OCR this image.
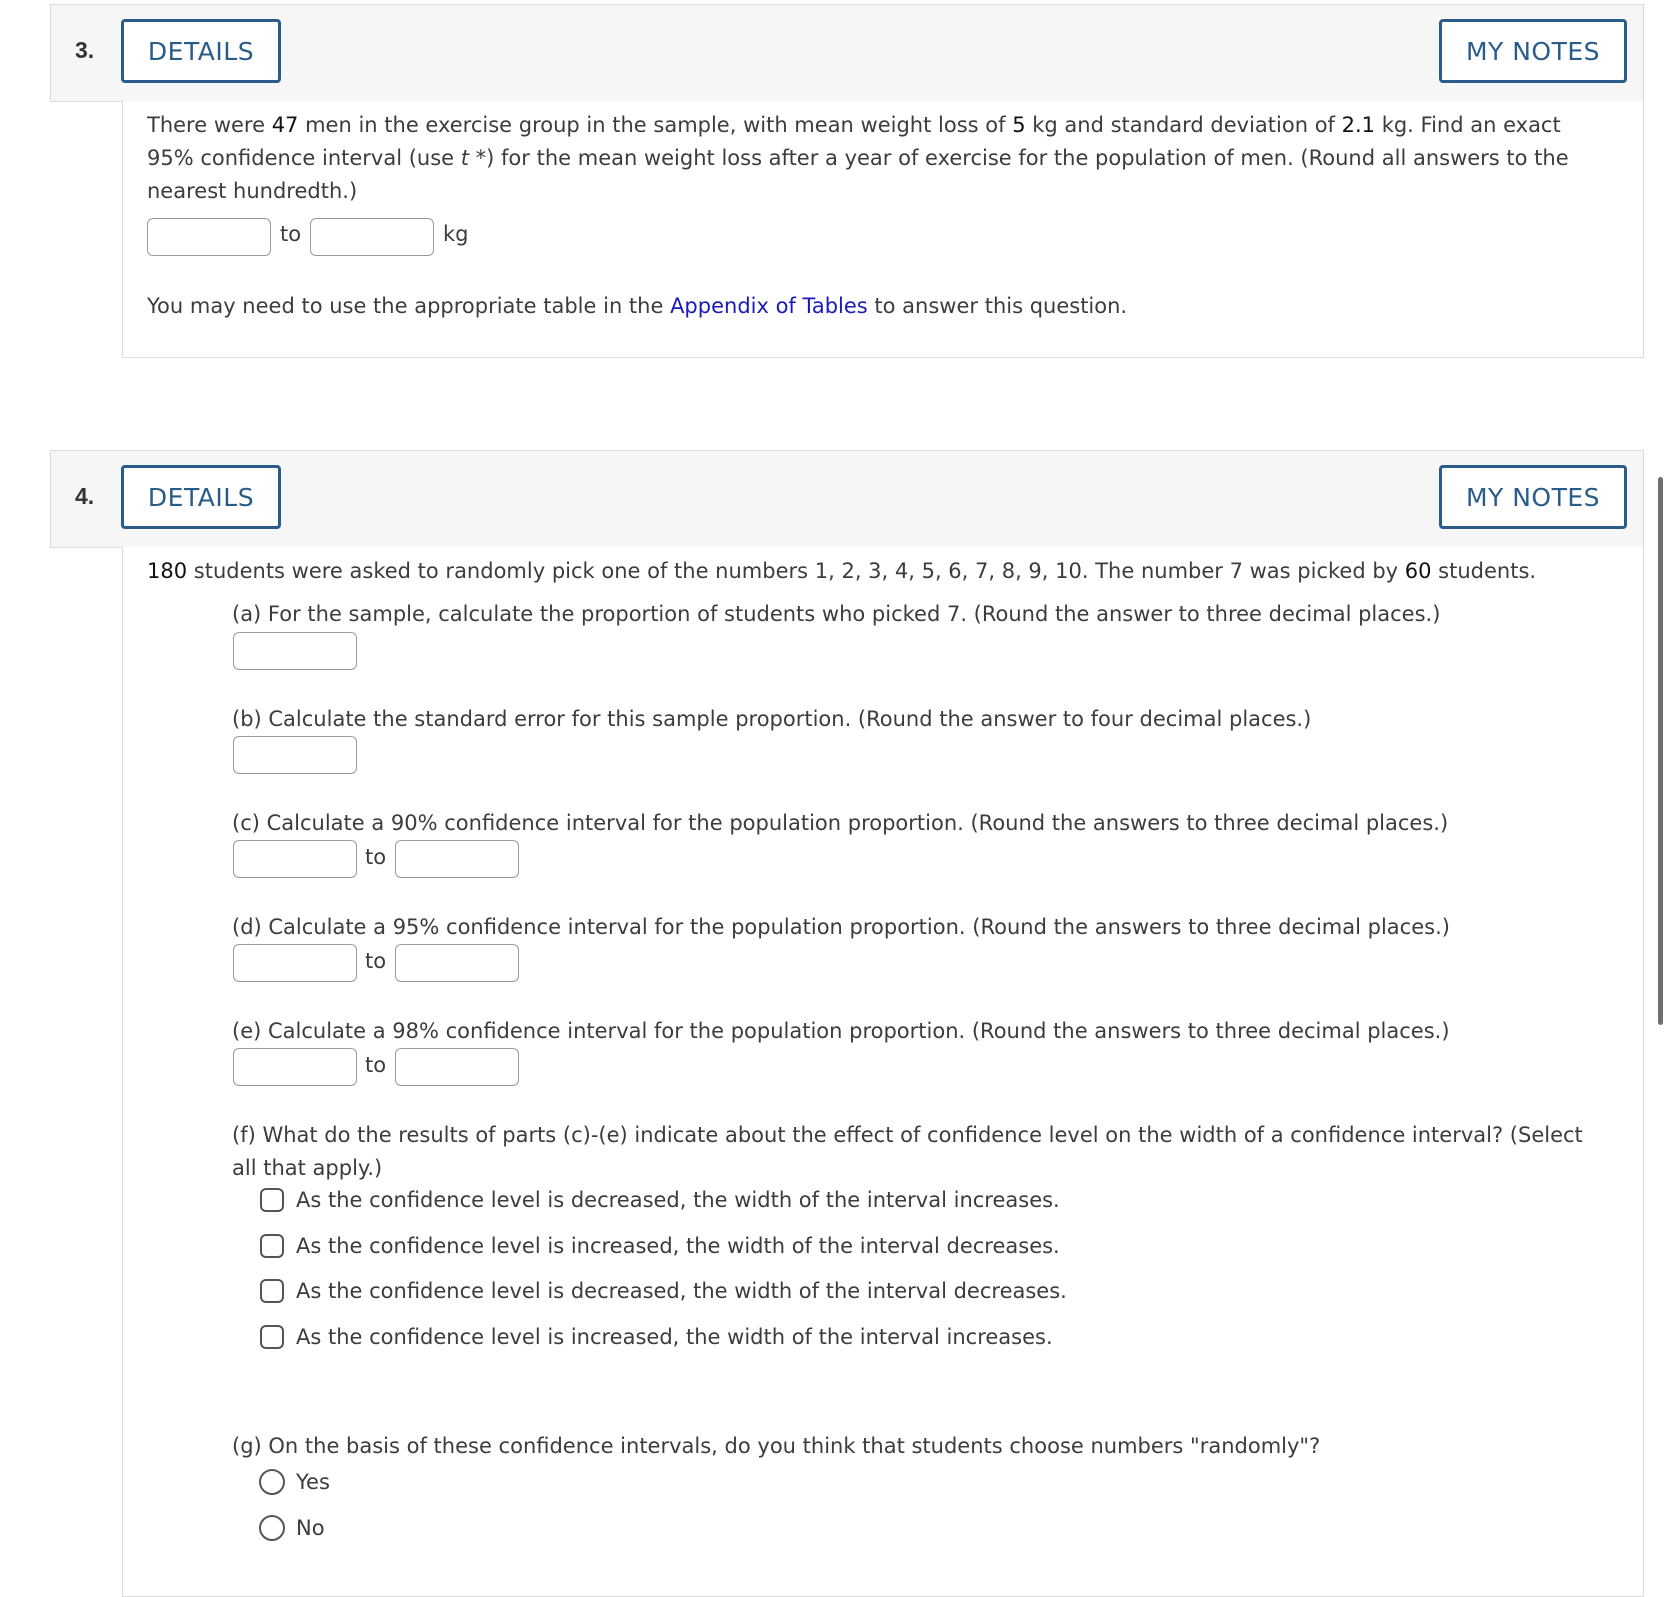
3.	DETAILS	MY NOTES
There were 47 men in the exercise group in the sample, with mean weight loss of 5 kg and standard deviation of 2.1 kg. Find an exact
95% confidence interval (use t *) for the mean weight loss after a year of exercise for the population of men. (Round all answers to the
nearest hundredth.)
to	kg
You may need to use the appropriate table in the Appendix of Tables to answer this question.
4.	DETAILS	MY NOTES
180 students were asked to randomly pick one of the numbers 1, 2, 3, 4, 5, 6, 7, 8, 9, 10. The number 7 was picked by 60 students.
(a) For the sample, calculate the proportion of students who picked 7. (Round the answer to three decimal places.)
(b) Calculate the standard error for this sample proportion. (Round the answer to four decimal places.)
(c) Calculate a 90% confidence interval for the population proportion. (Round the answers to three decimal places.)
to
(d) Calculate a 95% confidence interval for the population proportion. (Round the answers to three decimal places.)
to
(e) Calculate a 98% confidence interval for the population proportion. (Round the answers to three decimal places.)
to
(f) What do the results of parts (c)-(e) indicate about the effect of confidence level on the width of a confidence interval? (Select
all that apply.)
As the confidence level is decreased, the width of the interval increases.
As the confidence level is increased, the width of the interval decreases.
As the confidence level is decreased, the width of the interval decreases.
As the confidence level is increased, the width of the interval increases.
(g) On the basis of these confidence intervals, do you think that students choose numbers "randomly"?
Yes
No
